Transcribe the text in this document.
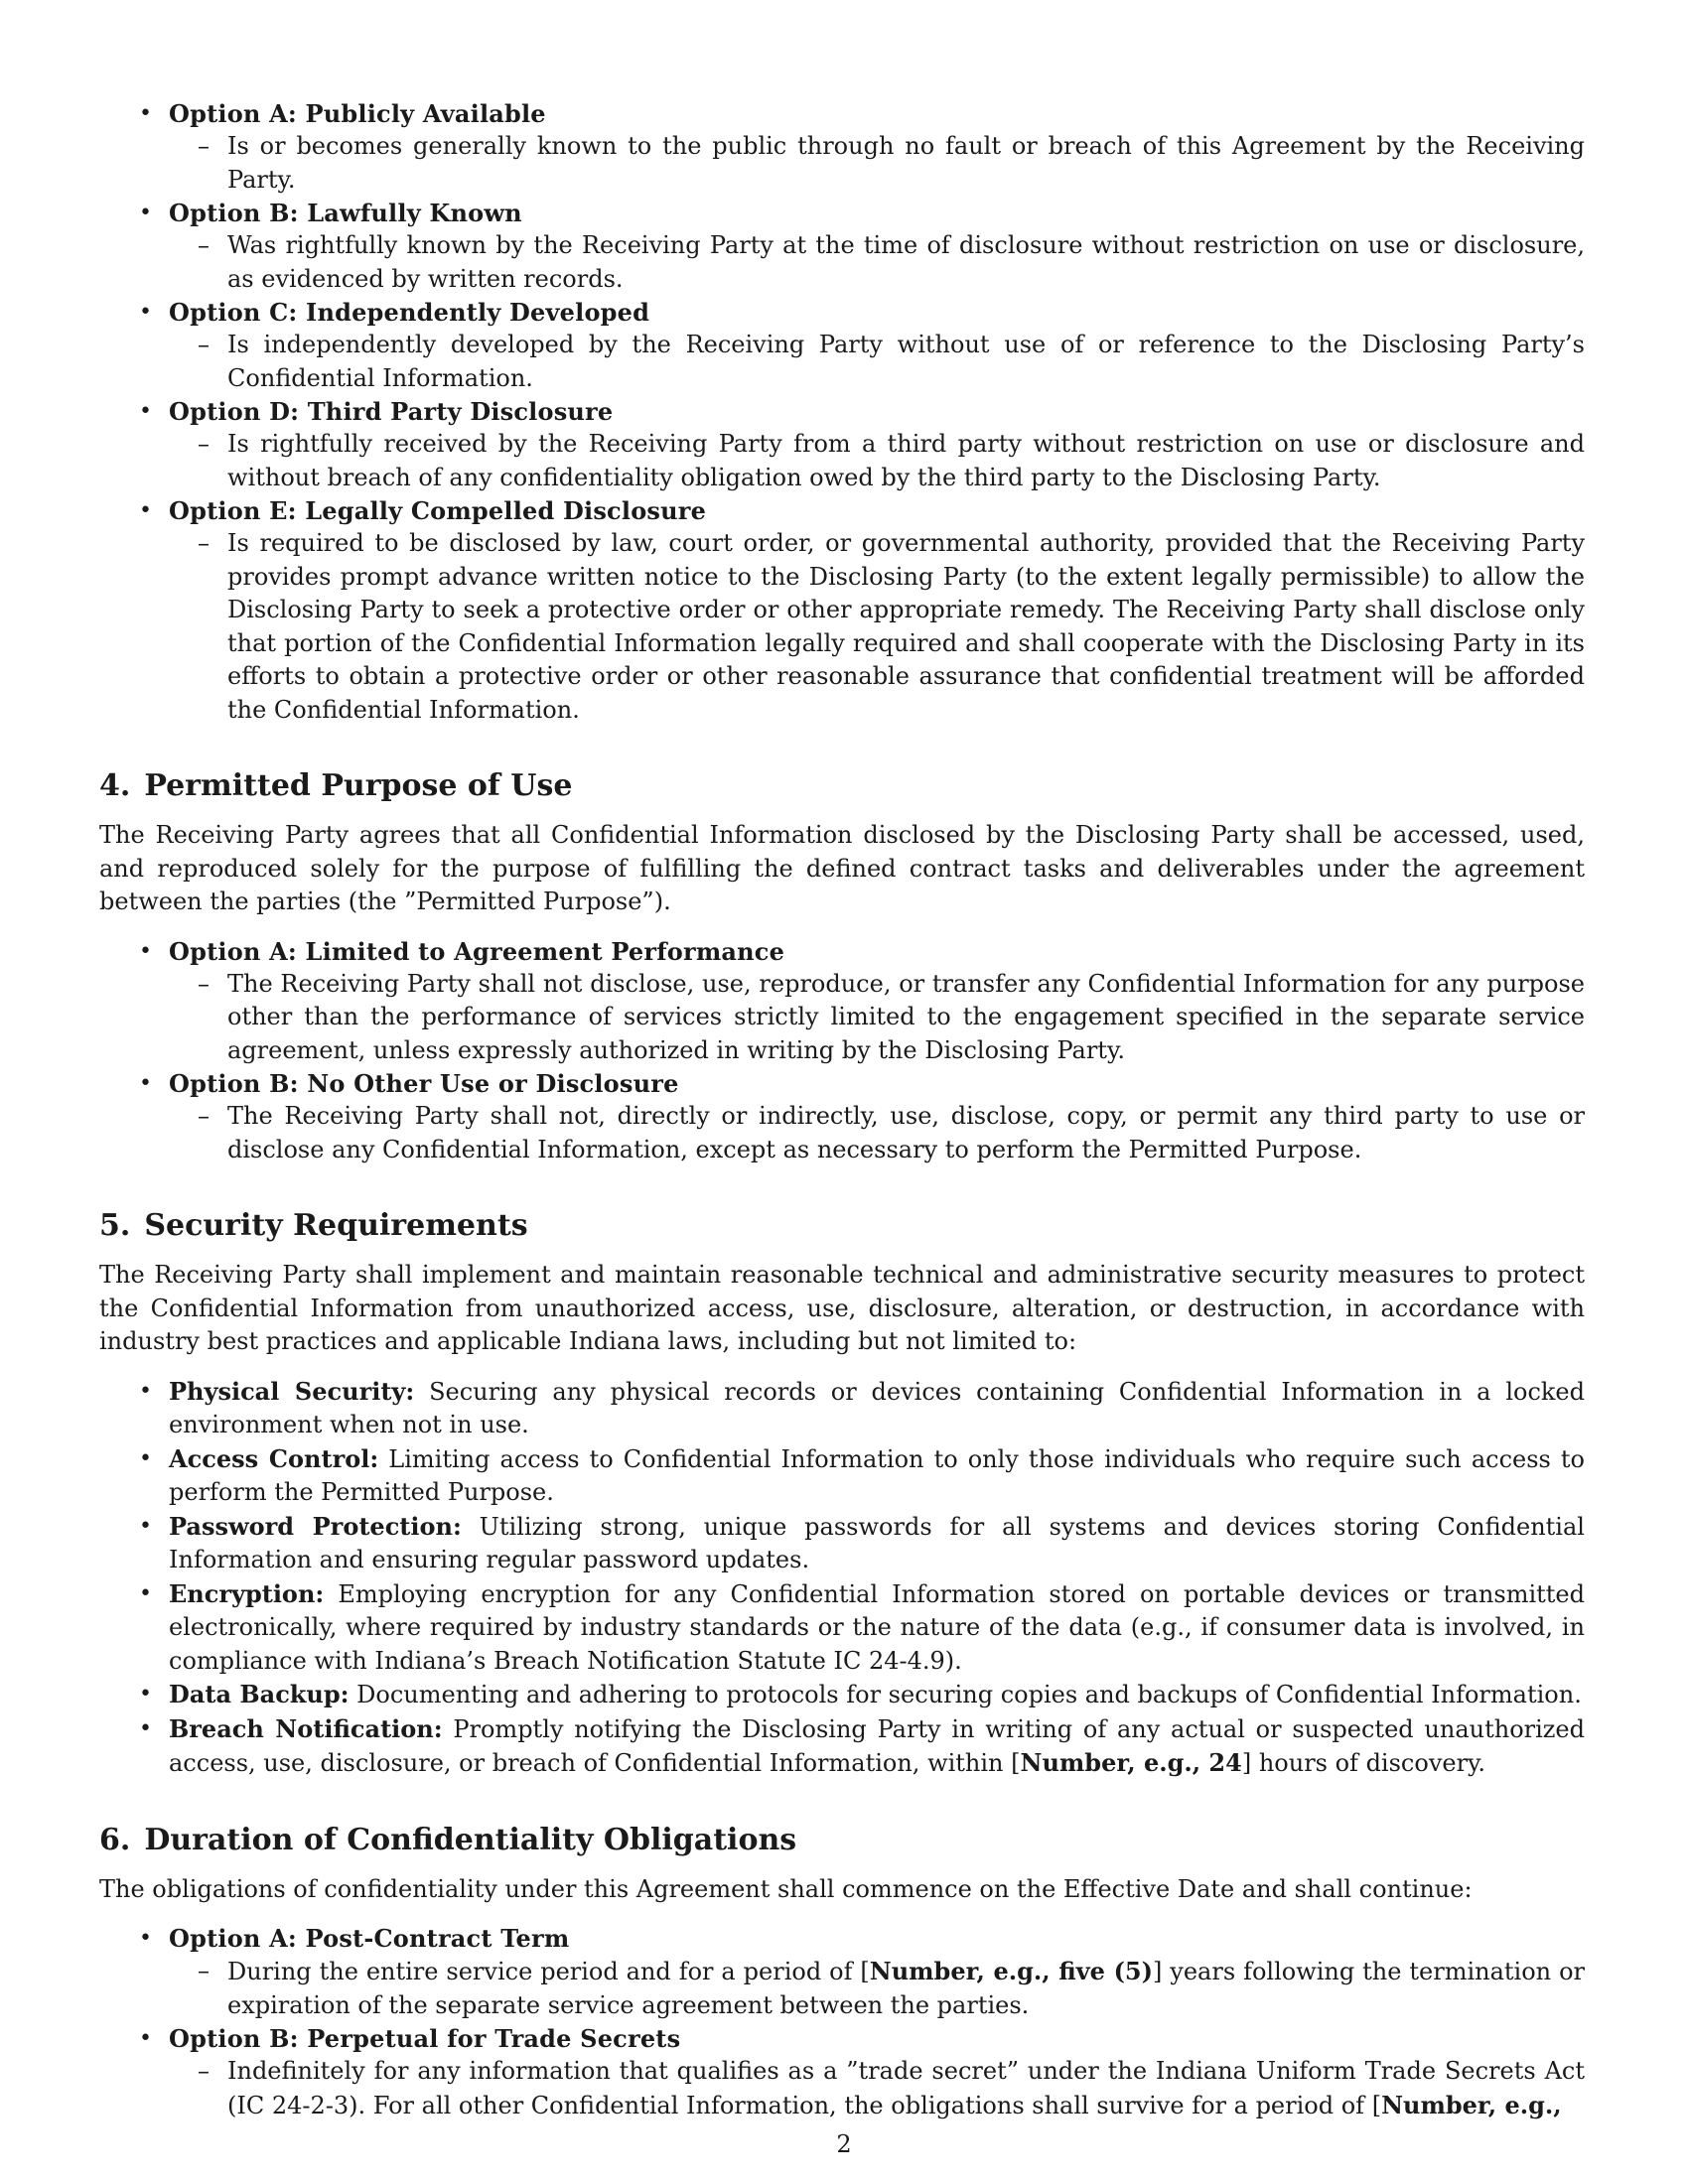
• Option A: Publicly Available
– Is or becomes generally known to the public through no fault or breach of this Agreement by the Receiving Party.
• Option B: Lawfully Known
– Was rightfully known by the Receiving Party at the time of disclosure without restriction on use or disclosure, as evidenced by written records.
• Option C: Independently Developed
– Is independently developed by the Receiving Party without use of or reference to the Disclosing Party’s Confidential Information.
• Option D: Third Party Disclosure
– Is rightfully received by the Receiving Party from a third party without restriction on use or disclosure and without breach of any confidentiality obligation owed by the third party to the Disclosing Party.
• Option E: Legally Compelled Disclosure
– Is required to be disclosed by law, court order, or governmental authority, provided that the Receiving Party provides prompt advance written notice to the Disclosing Party (to the extent legally permissible) to allow the Disclosing Party to seek a protective order or other appropriate remedy. The Receiving Party shall disclose only that portion of the Confidential Information legally required and shall cooperate with the Disclosing Party in its efforts to obtain a protective order or other reasonable assurance that confidential treatment will be afforded the Confidential Information.
4. Permitted Purpose of Use

The Receiving Party agrees that all Confidential Information disclosed by the Disclosing Party shall be accessed, used, and reproduced solely for the purpose of fulfilling the defined contract tasks and deliverables under the agreement between the parties (the ”Permitted Purpose”).

• Option A: Limited to Agreement Performance
– The Receiving Party shall not disclose, use, reproduce, or transfer any Confidential Information for any purpose other than the performance of services strictly limited to the engagement specified in the separate service agreement, unless expressly authorized in writing by the Disclosing Party.
• Option B: No Other Use or Disclosure
– The Receiving Party shall not, directly or indirectly, use, disclose, copy, or permit any third party to use or disclose any Confidential Information, except as necessary to perform the Permitted Purpose.
5. Security Requirements

The Receiving Party shall implement and maintain reasonable technical and administrative security measures to protect the Confidential Information from unauthorized access, use, disclosure, alteration, or destruction, in accordance with industry best practices and applicable Indiana laws, including but not limited to:

• Physical Security: Securing any physical records or devices containing Confidential Information in a locked environment when not in use.
• Access Control: Limiting access to Confidential Information to only those individuals who require such access to perform the Permitted Purpose.
• Password Protection: Utilizing strong, unique passwords for all systems and devices storing Confidential Information and ensuring regular password updates.
• Encryption: Employing encryption for any Confidential Information stored on portable devices or transmitted electronically, where required by industry standards or the nature of the data (e.g., if consumer data is involved, in compliance with Indiana’s Breach Notification Statute IC 24-4.9).
• Data Backup: Documenting and adhering to protocols for securing copies and backups of Confidential Information.
• Breach Notification: Promptly notifying the Disclosing Party in writing of any actual or suspected unauthorized access, use, disclosure, or breach of Confidential Information, within [Number, e.g., 24] hours of discovery.
6. Duration of Confidentiality Obligations

The obligations of confidentiality under this Agreement shall commence on the Effective Date and shall continue:

• Option A: Post-Contract Term
– During the entire service period and for a period of [Number, e.g., five (5)] years following the termination or expiration of the separate service agreement between the parties.
• Option B: Perpetual for Trade Secrets
– Indefinitely for any information that qualifies as a ”trade secret” under the Indiana Uniform Trade Secrets Act (IC 24-2-3). For all other Confidential Information, the obligations shall survive for a period of [Number, e.g.,
2
